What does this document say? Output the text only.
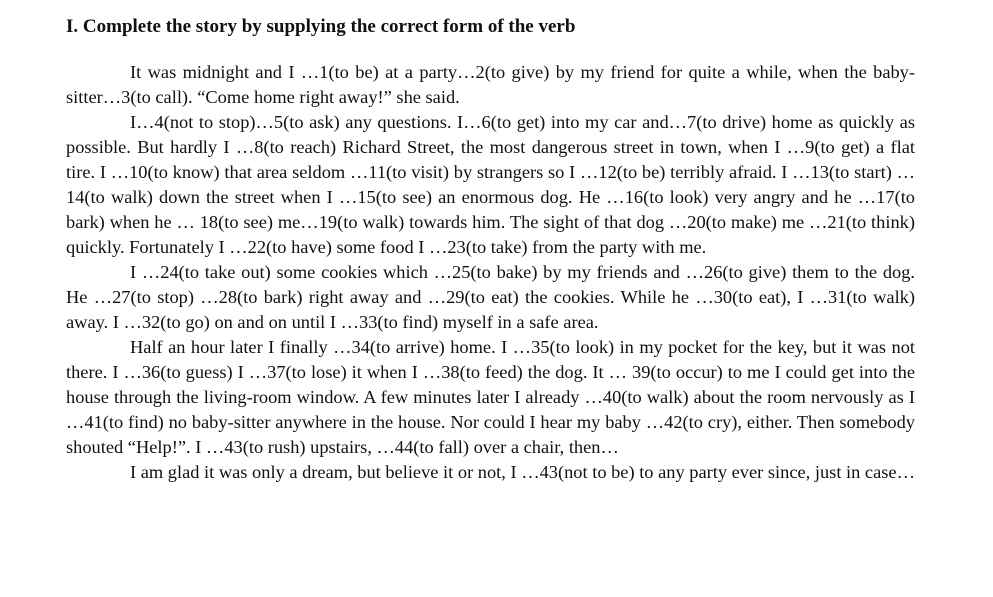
I. Complete the story by supplying the correct form of the verb

It was midnight and I …1(to be) at a party…2(to give) by my friend for quite a while, when the baby-sitter…3(to call). “Come home right away!” she said.

I…4(not to stop)…5(to ask) any questions. I…6(to get) into my car and…7(to drive) home as quickly as possible. But hardly I …8(to reach) Richard Street, the most dangerous street in town, when I …9(to get) a flat tire. I …10(to know) that area seldom …11(to visit) by strangers so I …12(to be) terribly afraid. I …13(to start) …14(to walk) down the street when I …15(to see) an enormous dog. He …16(to look) very angry and he …17(to bark) when he … 18(to see) me…19(to walk) towards him. The sight of that dog …20(to make) me …21(to think) quickly. Fortunately I …22(to have) some food I …23(to take) from the party with me.

I …24(to take out) some cookies which …25(to bake) by my friends and …26(to give) them to the dog. He …27(to stop) …28(to bark) right away and …29(to eat) the cookies. While he …30(to eat), I …31(to walk) away. I …32(to go) on and on until I …33(to find) myself in a safe area.

Half an hour later I finally …34(to arrive) home. I …35(to look) in my pocket for the key, but it was not there. I …36(to guess) I …37(to lose) it when I …38(to feed) the dog. It … 39(to occur) to me I could get into the house through the living-room window. A few minutes later I already …40(to walk) about the room nervously as I …41(to find) no baby-sitter anywhere in the house. Nor could I hear my baby …42(to cry), either. Then somebody shouted “Help!”. I …43(to rush) upstairs, …44(to fall) over a chair, then…

I am glad it was only a dream, but believe it or not, I …43(not to be) to any party ever since, just in case…
